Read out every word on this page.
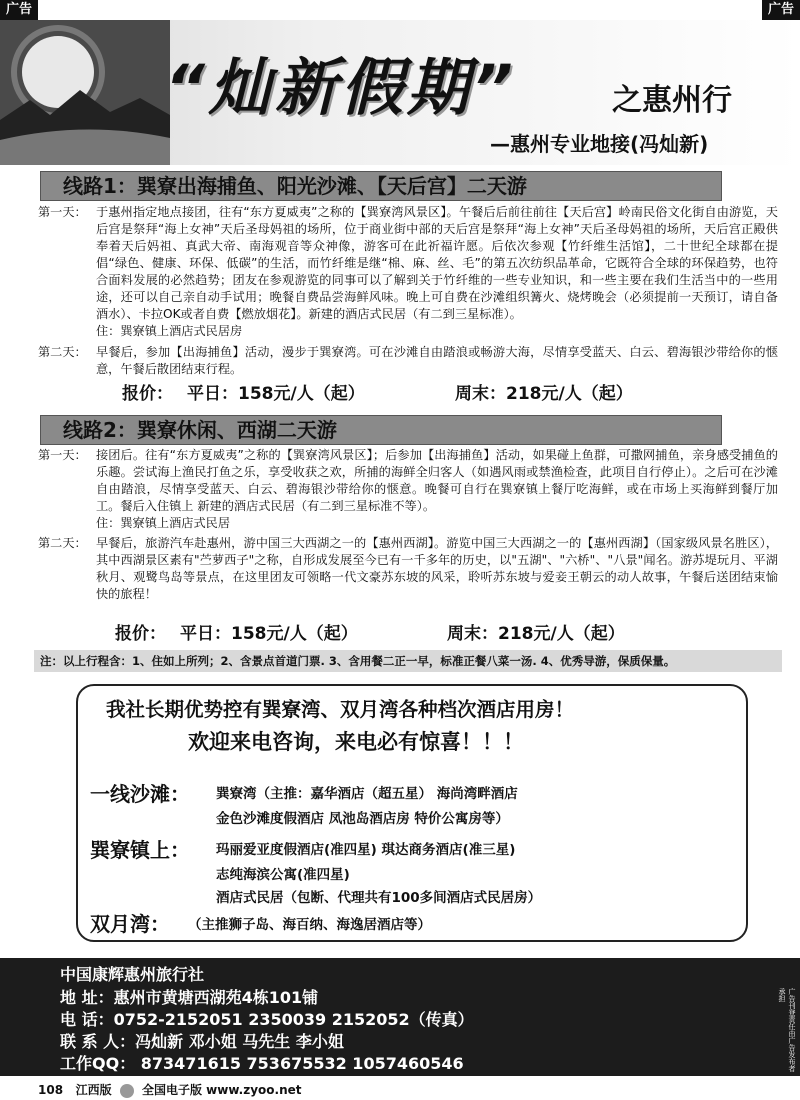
广告	广告
“灿新假期”	之惠州行
—惠州专业地接(冯灿新)
线路1：巽寮出海捕鱼、阳光沙滩、【天后宫】二天游
第一天： 于惠州指定地点接团，往有“东方夏威夷”之称的【巽寮湾风景区】。午餐后后前往前往【天后宫】岭南民俗文化街自由游览，天后宫是祭拜“海上女神”天后圣母妈祖的场所，位于商业街中部的天后宫是祭拜“海上女神”天后圣母妈祖的场所，天后宫正殿供奉着天后妈祖、真武大帝、南海观音等众神像，游客可在此祈福许愿。后依次参观【竹纤维生活馆】，二十世纪全球都在提倡“绿色、健康、环保、低碳”的生活，而竹纤维是继“棉、麻、丝、毛”的第五次纺织品革命，它既符合全球的环保趋势，也符合面料发展的必然趋势；团友在参观游览的同事可以了解到关于竹纤维的一些专业知识，和一些主要在我们生活当中的一些用途，还可以自己亲自动手试用；晚餐自费品尝海鲜风味。晚上可自费在沙滩组织篝火、烧烤晚会（必须提前一天预订，请自备酒水）、卡拉OK或者自费【燃放烟花】。新建的酒店式民居（有二到三星标准）。
住：巽寮镇上酒店式民居房
第二天： 早餐后，参加【出海捕鱼】活动，漫步于巽寮湾。可在沙滩自由踏浪或畅游大海，尽情享受蓝天、白云、碧海银沙带给你的惬意，午餐后散团结束行程。
报价： 平日：158元/人（起）	周末：218元/人（起）
线路2：巽寮休闲、西湖二天游
第一天： 接团后。往有“东方夏威夷”之称的【巽寮湾风景区】；后参加【出海捕鱼】活动，如果碰上鱼群，可撒网捕鱼，亲身感受捕鱼的乐趣。尝试海上渔民打鱼之乐，享受收获之欢，所捕的海鲜全归客人（如遇风雨或禁渔检查，此项目自行停止）。之后可在沙滩自由踏浪，尽情享受蓝天、白云、碧海银沙带给你的惬意。晚餐可自行在巽寮镇上餐厅吃海鲜，或在市场上买海鲜到餐厅加工。餐后入住镇上 新建的酒店式民居（有二到三星标准不等）。
住：巽寮镇上酒店式民居
第二天： 早餐后，旅游汽车赴惠州，游中国三大西湖之一的【惠州西湖】。游览中国三大西湖之一的【惠州西湖】（国家级风景名胜区），其中西湖景区素有"苎萝西子"之称，自形成发展至今已有一千多年的历史，以"五湖"、"六桥"、"八景"闻名。游苏堤玩月、平湖秋月、观鹭鸟岛等景点，在这里团友可领略一代文豪苏东坡的风采，聆听苏东坡与爱妾王朝云的动人故事，午餐后送团结束愉快的旅程！
报价： 平日：158元/人（起）	周末：218元/人（起）
注：以上行程含：1、住如上所列；2、含景点首道门票. 3、含用餐二正一早，标准正餐八菜一汤. 4、优秀导游，保质保量。
我社长期优势控有巽寮湾、双月湾各种档次酒店用房！
欢迎来电咨询，来电必有惊喜！！！
一线沙滩： 巽寮湾（主推：嘉华酒店（超五星） 海尚湾畔酒店
金色沙滩度假酒店 凤池岛酒店房 特价公寓房等）
巽寮镇上： 玛丽爱亚度假酒店(准四星) 琪达商务酒店(准三星)
志纯海滨公寓(准四星)
酒店式民居（包断、代理共有100多间酒店式民居房）
双月湾： （主推狮子岛、海百纳、海逸居酒店等）
中国康辉惠州旅行社
地 址：惠州市黄塘西湖苑4栋101铺
电 话：0752-2152051 2350039 2152052（传真）
联 系 人：冯灿新 邓小姐 马先生 李小姐
工作QQ： 873471615 753675532 1057460546	广告刊登责任由广告发布者承担
108 江西版	全国电子版 www.zyoo.net
